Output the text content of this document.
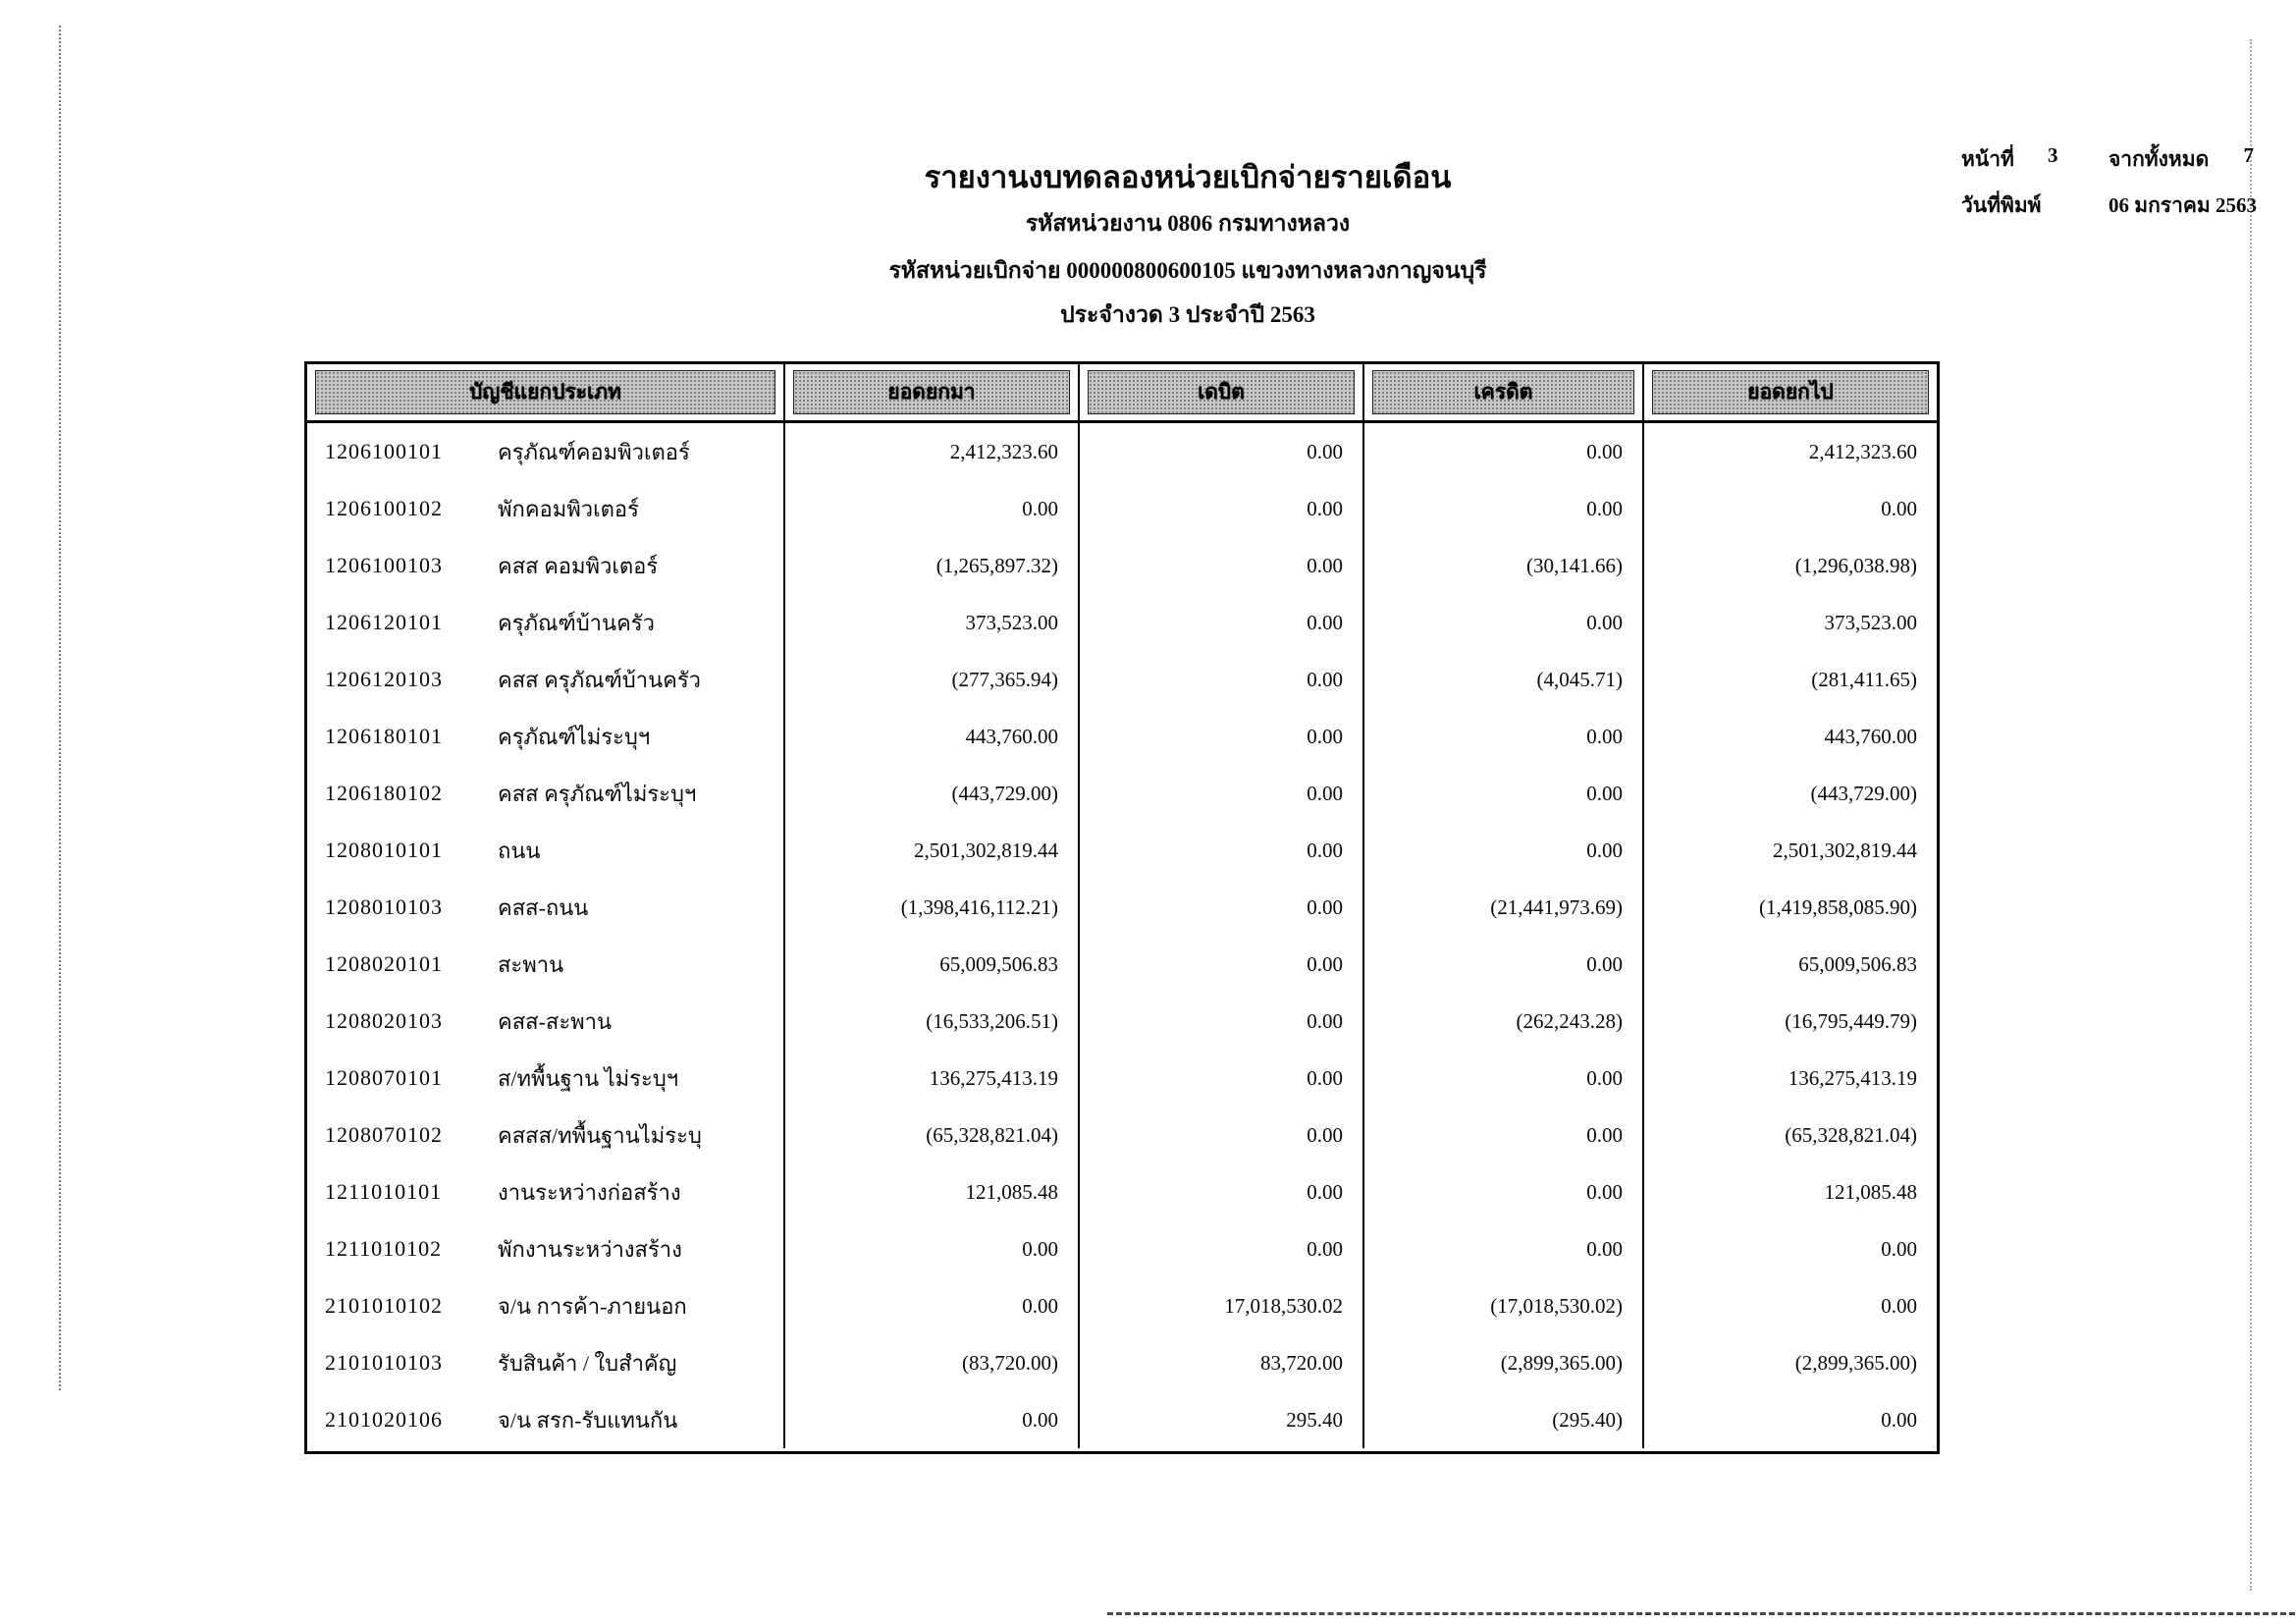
รายงานงบทดลองหน่วยเบิกจ่ายรายเดือน
รหัสหน่วยงาน 0806 กรมทางหลวง
รหัสหน่วยเบิกจ่าย 000000800600105 แขวงทางหลวงกาญจนบุรี
ประจำงวด 3 ประจำปี 2563
หน้าที่	3	จากทั้งหมด	7
วันที่พิมพ์	06 มกราคม 2563
บัญชีแยกประเภท	ยอดยกมา	เดบิต	เครดิต	ยอดยกไป
1206100101	ครุภัณฑ์คอมพิวเตอร์	2,412,323.60	0.00	0.00	2,412,323.60
1206100102	พักคอมพิวเตอร์	0.00	0.00	0.00	0.00
1206100103	คสส คอมพิวเตอร์	(1,265,897.32)	0.00	(30,141.66)	(1,296,038.98)
1206120101	ครุภัณฑ์บ้านครัว	373,523.00	0.00	0.00	373,523.00
1206120103	คสส ครุภัณฑ์บ้านครัว	(277,365.94)	0.00	(4,045.71)	(281,411.65)
1206180101	ครุภัณฑ์ไม่ระบุฯ	443,760.00	0.00	0.00	443,760.00
1206180102	คสส ครุภัณฑ์ไม่ระบุฯ	(443,729.00)	0.00	0.00	(443,729.00)
1208010101	ถนน	2,501,302,819.44	0.00	0.00	2,501,302,819.44
1208010103	คสส-ถนน	(1,398,416,112.21)	0.00	(21,441,973.69)	(1,419,858,085.90)
1208020101	สะพาน	65,009,506.83	0.00	0.00	65,009,506.83
1208020103	คสส-สะพาน	(16,533,206.51)	0.00	(262,243.28)	(16,795,449.79)
1208070101	ส/ทพื้นฐาน ไม่ระบุฯ	136,275,413.19	0.00	0.00	136,275,413.19
1208070102	คสสส/ทพื้นฐานไม่ระบุ	(65,328,821.04)	0.00	0.00	(65,328,821.04)
1211010101	งานระหว่างก่อสร้าง	121,085.48	0.00	0.00	121,085.48
1211010102	พักงานระหว่างสร้าง	0.00	0.00	0.00	0.00
2101010102	จ/น การค้า-ภายนอก	0.00	17,018,530.02	(17,018,530.02)	0.00
2101010103	รับสินค้า / ใบสำคัญ	(83,720.00)	83,720.00	(2,899,365.00)	(2,899,365.00)
2101020106	จ/น สรก-รับแทนกัน	0.00	295.40	(295.40)	0.00
